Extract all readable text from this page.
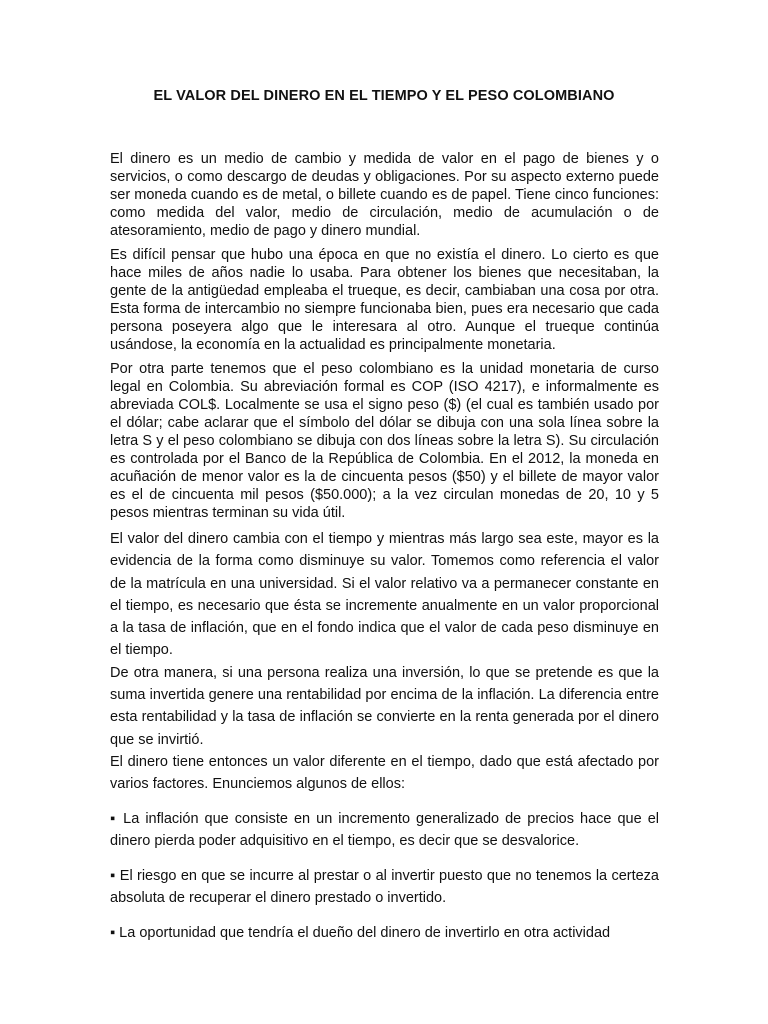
EL VALOR DEL DINERO EN EL TIEMPO Y EL PESO COLOMBIANO

El dinero es un medio de cambio y medida de valor en el pago de bienes y o servicios, o como descargo de deudas y obligaciones. Por su aspecto externo puede ser moneda cuando es de metal, o billete cuando es de papel. Tiene cinco funciones: como medida del valor, medio de circulación, medio de acumulación o de atesoramiento, medio de pago y dinero mundial.

Es difícil pensar que hubo una época en que no existía el dinero. Lo cierto es que hace miles de años nadie lo usaba. Para obtener los bienes que necesitaban, la gente de la antigüedad empleaba el trueque, es decir, cambiaban una cosa por otra. Esta forma de intercambio no siempre funcionaba bien, pues era necesario que cada persona poseyera algo que le interesara al otro. Aunque el trueque continúa usándose, la economía en la actualidad es principalmente monetaria.

Por otra parte tenemos que el peso colombiano es la unidad monetaria de curso legal en Colombia. Su abreviación formal es COP (ISO 4217), e informalmente es abreviada COL$. Localmente se usa el signo peso ($) (el cual es también usado por el dólar; cabe aclarar que el símbolo del dólar se dibuja con una sola línea sobre la letra S y el peso colombiano se dibuja con dos líneas sobre la letra S). Su circulación es controlada por el Banco de la República de Colombia. En el 2012, la moneda en acuñación de menor valor es la de cincuenta pesos ($50) y el billete de mayor valor es el de cincuenta mil pesos ($50.000); a la vez circulan monedas de 20, 10 y 5 pesos mientras terminan su vida útil.

El valor del dinero cambia con el tiempo y mientras más largo sea este, mayor es la evidencia de la forma como disminuye su valor. Tomemos como referencia el valor de la matrícula en una universidad. Si el valor relativo va a permanecer constante en el tiempo, es necesario que ésta se incremente anualmente en un valor proporcional a la tasa de inflación, que en el fondo indica que el valor de cada peso disminuye en el tiempo.

De otra manera, si una persona realiza una inversión, lo que se pretende es que la suma invertida genere una rentabilidad por encima de la inflación. La diferencia entre esta rentabilidad y la tasa de inflación se convierte en la renta generada por el dinero que se invirtió.

El dinero tiene entonces un valor diferente en el tiempo, dado que está afectado por varios factores. Enunciemos algunos de ellos:

▪ La inflación que consiste en un incremento generalizado de precios hace que el dinero pierda poder adquisitivo en el tiempo, es decir que se desvalorice.

▪ El riesgo en que se incurre al prestar o al invertir puesto que no tenemos la certeza absoluta de recuperar el dinero prestado o invertido.

▪ La oportunidad que tendría el dueño del dinero de invertirlo en otra actividad
